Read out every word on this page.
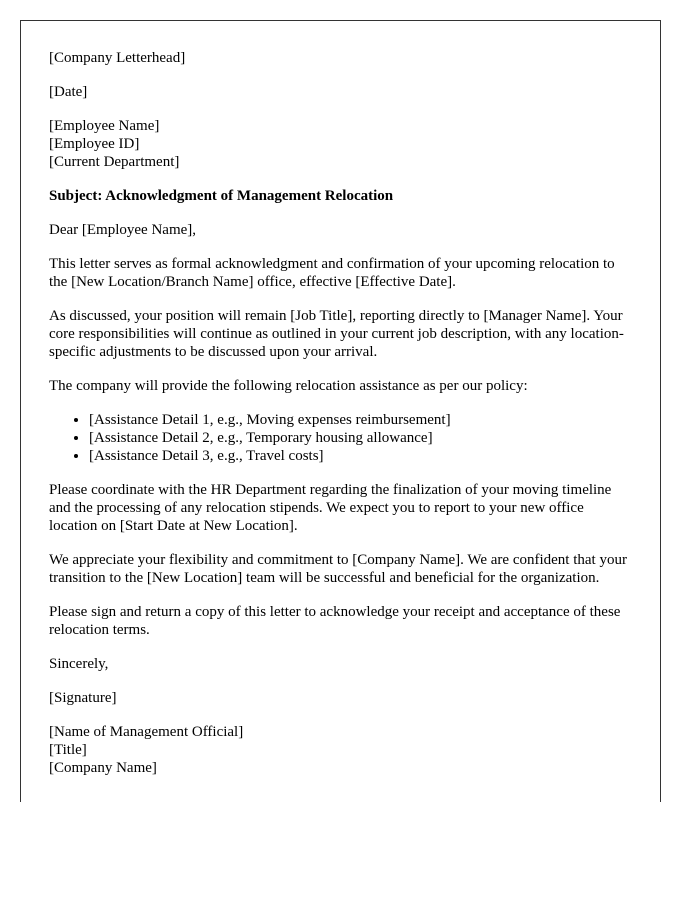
[Company Letterhead]

[Date]

[Employee Name]
[Employee ID]
[Current Department]

Subject: Acknowledgment of Management Relocation

Dear [Employee Name],

This letter serves as formal acknowledgment and confirmation of your upcoming relocation to the [New Location/Branch Name] office, effective [Effective Date].

As discussed, your position will remain [Job Title], reporting directly to [Manager Name]. Your core responsibilities will continue as outlined in your current job description, with any location-specific adjustments to be discussed upon your arrival.

The company will provide the following relocation assistance as per our policy:

• [Assistance Detail 1, e.g., Moving expenses reimbursement]
• [Assistance Detail 2, e.g., Temporary housing allowance]
• [Assistance Detail 3, e.g., Travel costs]

Please coordinate with the HR Department regarding the finalization of your moving timeline and the processing of any relocation stipends. We expect you to report to your new office location on [Start Date at New Location].

We appreciate your flexibility and commitment to [Company Name]. We are confident that your transition to the [New Location] team will be successful and beneficial for the organization.

Please sign and return a copy of this letter to acknowledge your receipt and acceptance of these relocation terms.

Sincerely,

[Signature]

[Name of Management Official]
[Title]
[Company Name]
